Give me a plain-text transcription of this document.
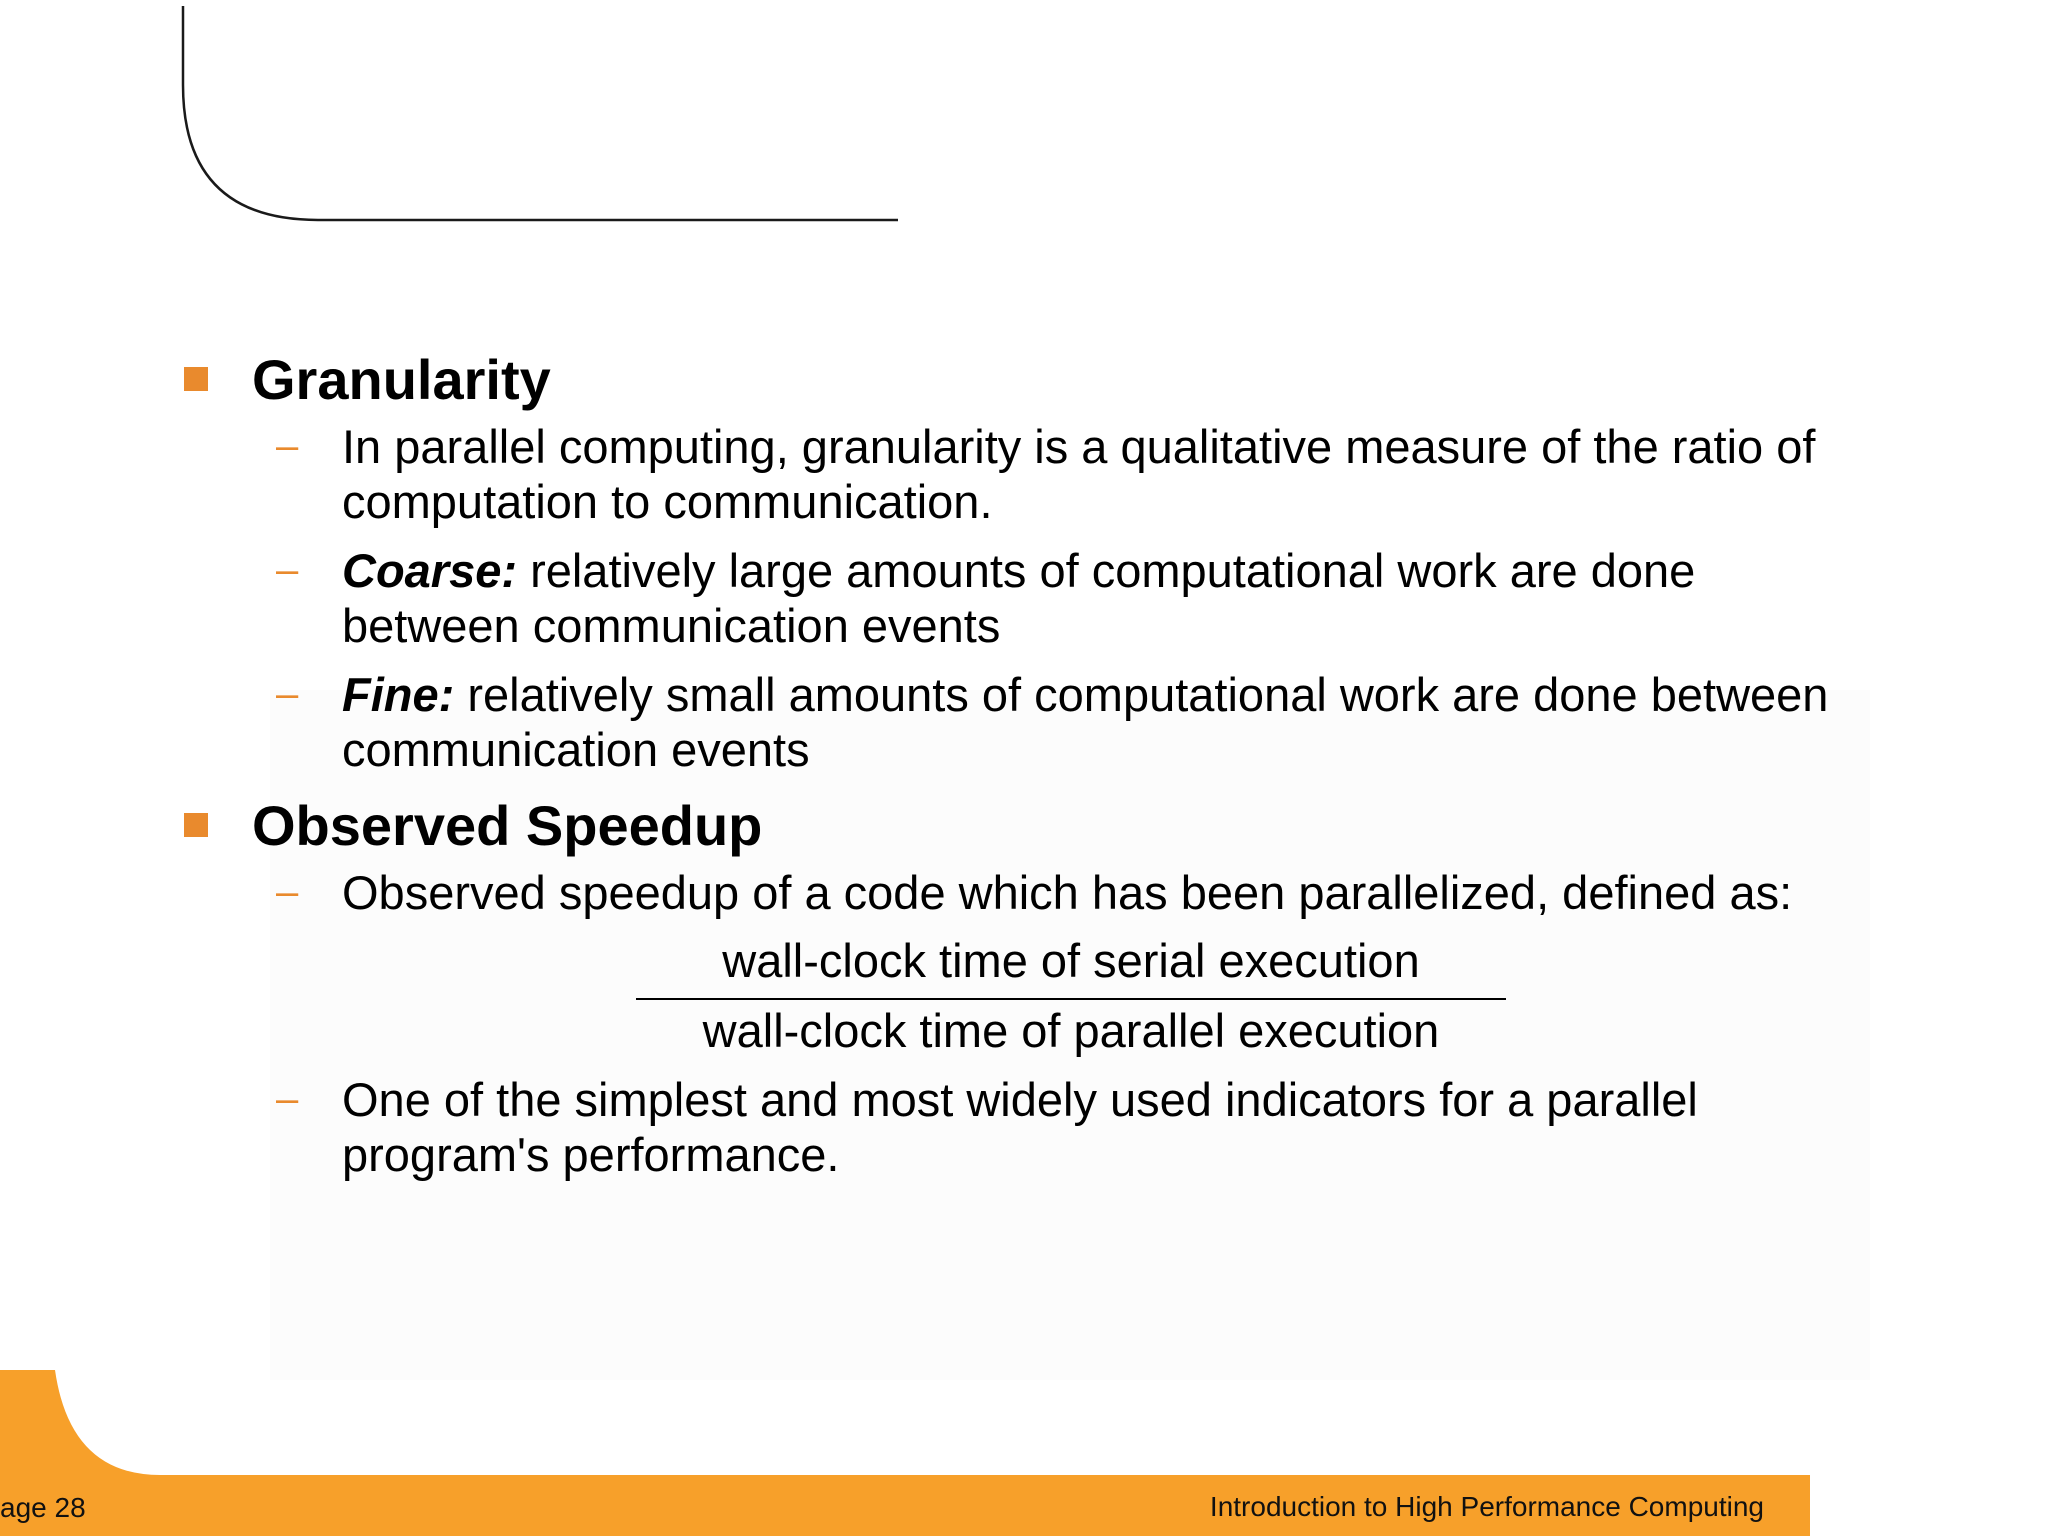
Granularity
– In parallel computing, granularity is a qualitative measure of the ratio of computation to communication.
– Coarse: relatively large amounts of computational work are done between communication events
– Fine: relatively small amounts of computational work are done between communication events
Observed Speedup
– Observed speedup of a code which has been parallelized, defined as:
wall-clock time of serial execution
wall-clock time of parallel execution
– One of the simplest and most widely used indicators for a parallel program's performance.
age 28	Introduction to High Performance Computing
